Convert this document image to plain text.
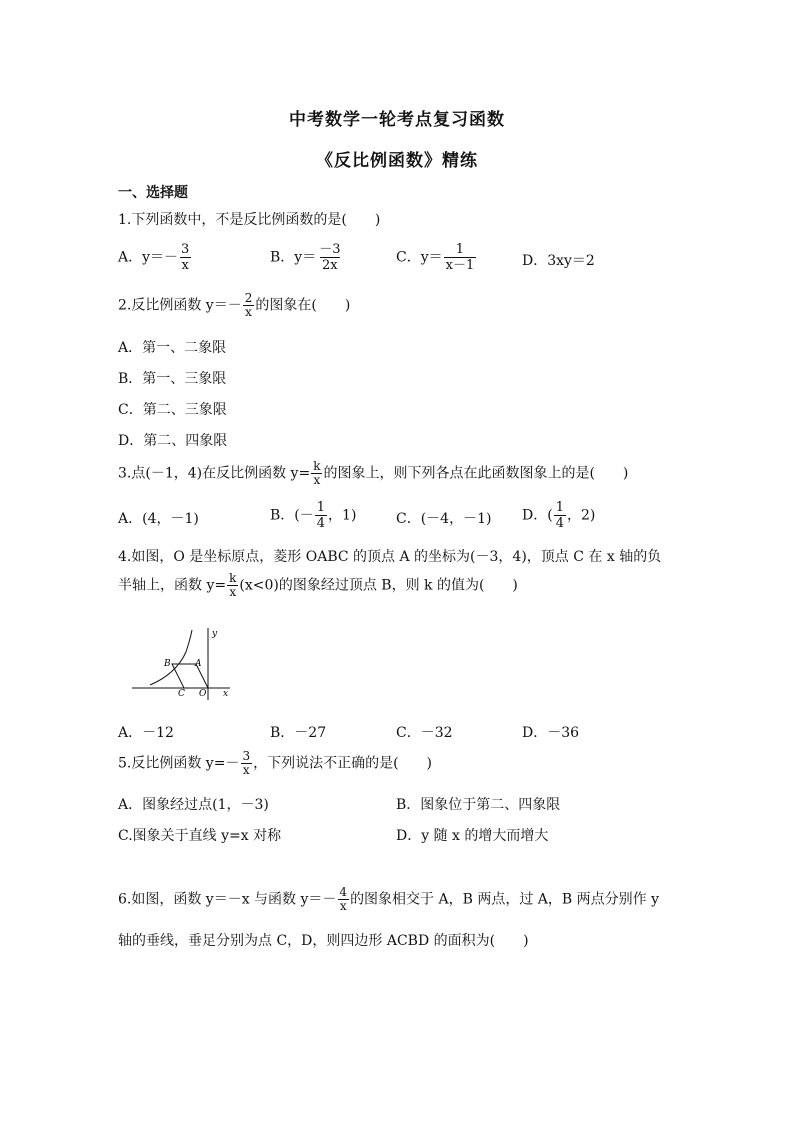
中考数学一轮考点复习函数
《反比例函数》精练
一、选择题
1.下列函数中，不是反比例函数的是(　　)
A．$y=- \frac{3}{x}$	B．$y= \frac{-3}{2x}$	C．$y= \frac{1}{x-1}$	D．3xy＝2
2.反比例函数 $y=- \frac{2}{x}$ 的图象在(　　)
A．第一、二象限
B．第一、三象限
C．第二、三象限
D．第二、四象限
3.点(－1，4)在反比例函数 $y= \frac{k}{x}$ 的图象上，则下列各点在此函数图象上的是(　　)
A．(4，－1)	B．(－ $\frac{1}{4}$ ，1)	C．(－4，－1) D．( $\frac{1}{4}$ ，2)
4.如图，O 是坐标原点，菱形 OABC 的顶点 A 的坐标为(－3，4)，顶点 C 在 x 轴的负
半轴上，函数 $y= \frac{k}{x} (x<0)$的图象经过顶点 B，则 k 的值为(　　)
y
x
B	A
C O
A．－12	B．－27	C．－32	D．－36
5.反比例函数 $y=- \frac{3}{x}$ ，下列说法不正确的是(　　)
A．图象经过点(1，－3)	B．图象位于第二、四象限
C.图象关于直线 y=x 对称	D．y 随 x 的增大而增大
6.如图，函数 y＝－x 与函数 $y=- \frac{4}{x}$ 的图象相交于 A，B 两点，过 A，B 两点分别作 y
轴的垂线，垂足分别为点 C，D，则四边形 ACBD 的面积为(　　)
